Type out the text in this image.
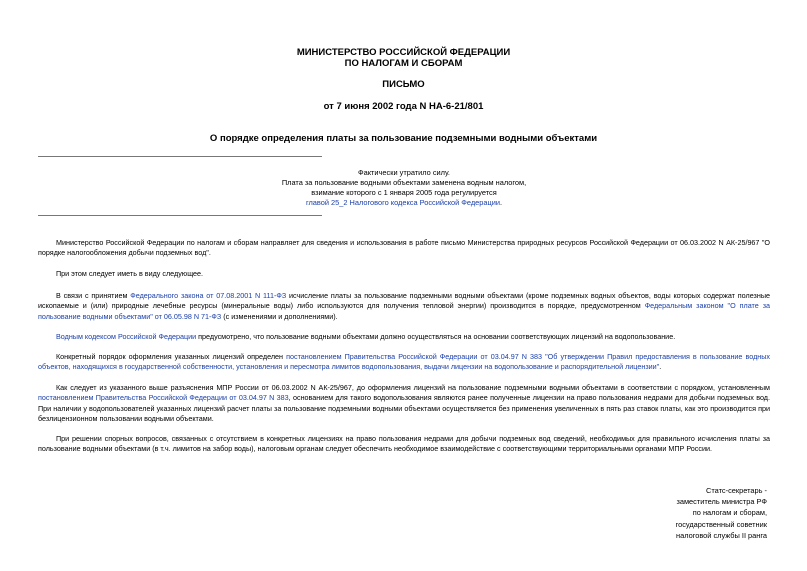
МИНИСТЕРСТВО РОССИЙСКОЙ ФЕДЕРАЦИИ
ПО НАЛОГАМ И СБОРАМ
ПИСЬМО
от 7 июня 2002 года N НА-6-21/801
О порядке определения платы за пользование подземными водными объектами
Фактически утратило силу.
Плата за пользование водными объектами заменена водным налогом,
взимание которого с 1 января 2005 года регулируется
главой 25_2 Налогового кодекса Российской Федерации.

Министерство Российской Федерации по налогам и сборам направляет для сведения и использования в работе письмо Министерства природных ресурсов Российской Федерации от 06.03.2002 N АК-25/967 "О порядке налогообложения добычи подземных вод".

При этом следует иметь в виду следующее.

В связи с принятием Федерального закона от 07.08.2001 N 111-ФЗ исчисление платы за пользование подземными водными объектами (кроме подземных водных объектов, воды которых содержат полезные ископаемые и (или) природные лечебные ресурсы (минеральные воды) либо используются для получения тепловой энергии) производится в порядке, предусмотренном Федеральным законом "О плате за пользование водными объектами" от 06.05.98 N 71-ФЗ (с изменениями и дополнениями).

Водным кодексом Российской Федерации предусмотрено, что пользование водными объектами должно осуществляться на основании соответствующих лицензий на водопользование.

Конкретный порядок оформления указанных лицензий определен постановлением Правительства Российской Федерации от 03.04.97 N 383 "Об утверждении Правил предоставления в пользование водных объектов, находящихся в государственной собственности, установления и пересмотра лимитов водопользования, выдачи лицензии на водопользование и распорядительной лицензии".

Как следует из указанного выше разъяснения МПР России от 06.03.2002 N АК-25/967, до оформления лицензий на пользование подземными водными объектами в соответствии с порядком, установленным постановлением Правительства Российской Федерации от 03.04.97 N 383, основанием для такого водопользования являются ранее полученные лицензии на право пользования недрами для добычи подземных вод. При наличии у водопользователей указанных лицензий расчет платы за пользование подземными водными объектами осуществляется без применения увеличенных в пять раз ставок платы, как это производится при безлицензионном пользовании водными объектами.

При решении спорных вопросов, связанных с отсутствием в конкретных лицензиях на право пользования недрами для добычи подземных вод сведений, необходимых для правильного исчисления платы за пользование водными объектами (в т.ч. лимитов на забор воды), налоговым органам следует обеспечить необходимое взаимодействие с соответствующими территориальными органами МПР России.

Статс-секретарь -
заместитель министра РФ
по налогам и сборам,
государственный советник
налоговой службы II ранга
